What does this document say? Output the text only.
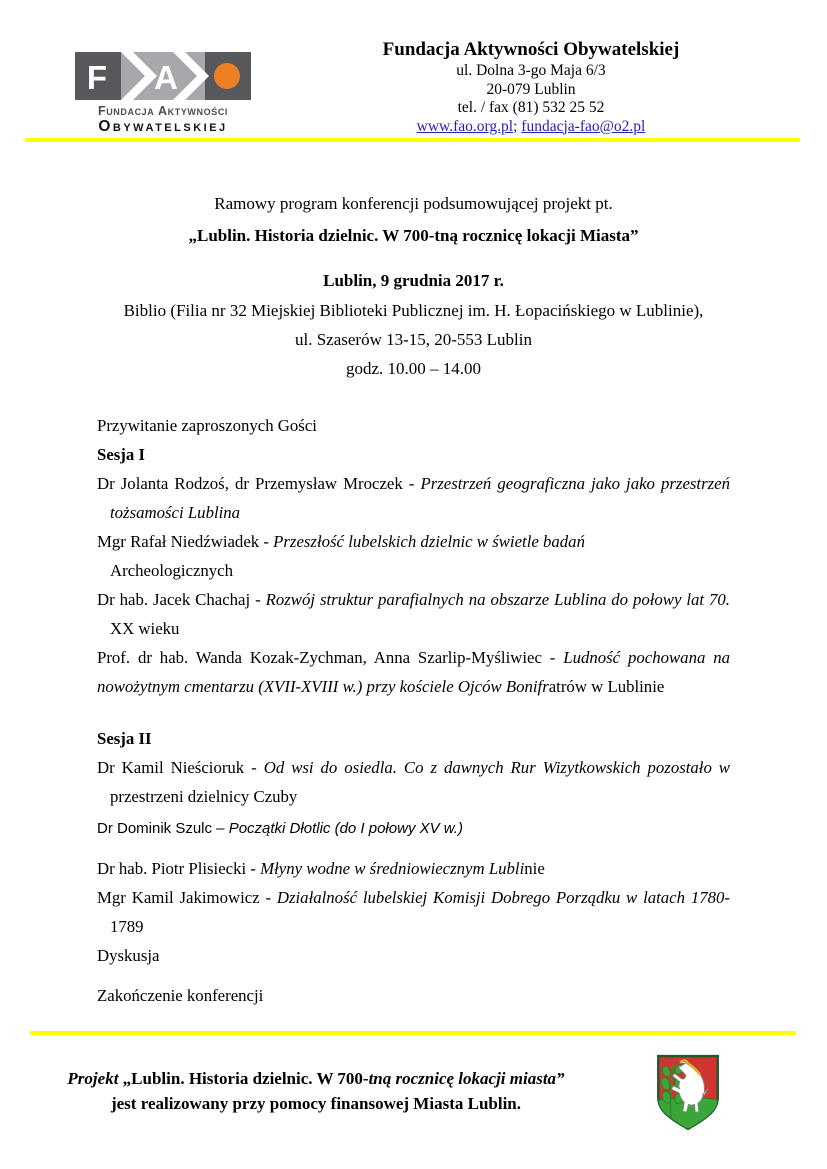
F A
Fundacja Aktywności
Obywatelskiej
Fundacja Aktywności Obywatelskiej
ul. Dolna 3-go Maja 6/3
20-079 Lublin
tel. / fax (81) 532 25 52
www.fao.org.pl; fundacja-fao@o2.pl
Ramowy program konferencji podsumowującej projekt pt.
„Lublin. Historia dzielnic. W 700-tną rocznicę lokacji Miasta”
Lublin, 9 grudnia 2017 r.
Biblio (Filia nr 32 Miejskiej Biblioteki Publicznej im. H. Łopacińskiego w Lublinie),
ul. Szaserów 13-15, 20-553 Lublin
godz. 10.00 – 14.00
Przywitanie zaproszonych Gości
Sesja I
Dr Jolanta Rodzoś, dr Przemysław Mroczek - Przestrzeń geograficzna jako jako przestrzeń
tożsamości Lublina
Mgr Rafał Niedźwiadek - Przeszłość lubelskich dzielnic w świetle badań
Archeologicznych
Dr hab. Jacek Chachaj - Rozwój struktur parafialnych na obszarze Lublina do połowy lat 70.
XX wieku
Prof. dr hab. Wanda Kozak-Zychman, Anna Szarlip-Myśliwiec - Ludność pochowana na
nowożytnym cmentarzu (XVII-XVIII w.) przy kościele Ojców Bonifratrów w Lublinie
Sesja II
Dr Kamil Nieścioruk - Od wsi do osiedla. Co z dawnych Rur Wizytkowskich pozostało w
przestrzeni dzielnicy Czuby
Dr Dominik Szulc – Początki Dłotlic (do I połowy XV w.)
Dr hab. Piotr Plisiecki - Młyny wodne w średniowiecznym Lublinie
Mgr Kamil Jakimowicz - Działalność lubelskiej Komisji Dobrego Porządku w latach 1780-
1789
Dyskusja
Zakończenie konferencji
Projekt „Lublin. Historia dzielnic. W 700-tną rocznicę lokacji miasta”
jest realizowany przy pomocy finansowej Miasta Lublin.
